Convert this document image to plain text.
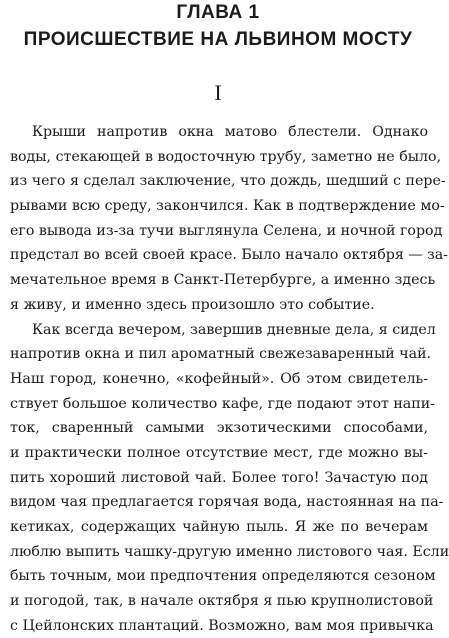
ГЛАВА 1
ПРОИСШЕСТВИЕ НА ЛЬВИНОМ МОСТУ
I
Крыши напротив окна матово блестели. Однако
воды, стекающей в водосточную трубу, заметно не было,
из чего я сделал заключение, что дождь, шедший с пере-
рывами всю среду, закончился. Как в подтверждение мо-
его вывода из-за тучи выглянула Селена, и ночной город
предстал во всей своей красе. Было начало октября — за-
мечательное время в Санкт-Петербурге, а именно здесь
я живу, и именно здесь произошло это событие.
Как всегда вечером, завершив дневные дела, я сидел
напротив окна и пил ароматный свежезаваренный чай.
Наш город, конечно, «кофейный». Об этом свидетель-
ствует большое количество кафе, где подают этот напи-
ток, сваренный самыми экзотическими способами,
и практически полное отсутствие мест, где можно вы-
пить хороший листовой чай. Более того! Зачастую под
видом чая предлагается горячая вода, настоянная на па-
кетиках, содержащих чайную пыль. Я же по вечерам
люблю выпить чашку-другую именно листового чая. Если
быть точным, мои предпочтения определяются сезоном
и погодой, так, в начале октября я пью крупнолистовой
с Цейлонских плантаций. Возможно, вам моя привычка
